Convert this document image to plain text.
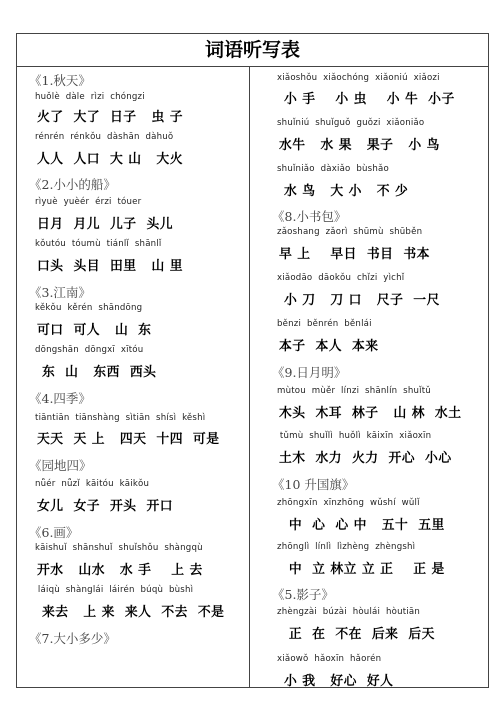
词语听写表
《1.秋天》
huǒlè  dàle  rìzi  chóngzi
火了  大了  日子   虫 子
rénrén  rénkǒu  dàshān  dàhuǒ
人人  人口  大 山   大火
《2.小小的船》
rìyuè  yuèér  érzi  tóuer
日月  月儿  儿子  头儿
kǒutóu  tóumù  tiánlǐ  shānlǐ
口头  头目  田里   山 里
《3.江南》
kěkǒu  kěrén  shāndōng
可口  可人   山  东
dōngshān  dōngxī  xītóu
东  山   东西  西头
《4.四季》
tiāntiān  tiānshàng  sìtiān  shísì  kěshì
天天  天 上   四天  十四  可是
《园地四》
nǚér  nǚzǐ  kāitóu  kāikǒu
女儿  女子  开头  开口
《6.画》
kāishuǐ  shānshuǐ  shuǐshǒu  shàngqù
开水   山水   水 手    上 去
láiqù  shànglái  láirén  búqù  bùshì
来去   上 来  来人  不去  不是
《7.大小多少》
xiǎoshǒu  xiǎochóng  xiǎoniú  xiǎozi
小 手    小 虫    小 牛  小子
shuǐniú  shuǐguǒ  guǒzi  xiǎoniǎo
水牛   水 果   果子   小 鸟
shuǐniǎo  dàxiǎo  bùshǎo
水 鸟   大 小   不 少
《8.小书包》
zǎoshang  zǎorì  shūmù  shūběn
早 上    早日  书目  书本
xiǎodāo  dāokǒu  chǐzi  yìchǐ
小 刀   刀 口   尺子  一尺
běnzi  běnrén  běnlái
本子  本人  本来
《9.日月明》
mùtou  mùěr  línzi  shānlín  shuǐtǔ
木头  木耳  林子   山 林  水土
tǔmù  shuǐlì  huǒlì  kāixīn  xiǎoxīn
土木  水力  火力  开心  小心
《10 升国旗》
zhōngxīn  xīnzhōng  wǔshí  wǔlǐ
中  心  心 中   五十  五里
zhōnglì  línlì  lìzhèng  zhèngshì
中  立 林立 立 正    正 是
《5.影子》
zhèngzài  búzài  hòulái  hòutiān
正  在  不在  后来  后天
xiǎowǒ  hǎoxīn  hǎorén
小 我   好心  好人
